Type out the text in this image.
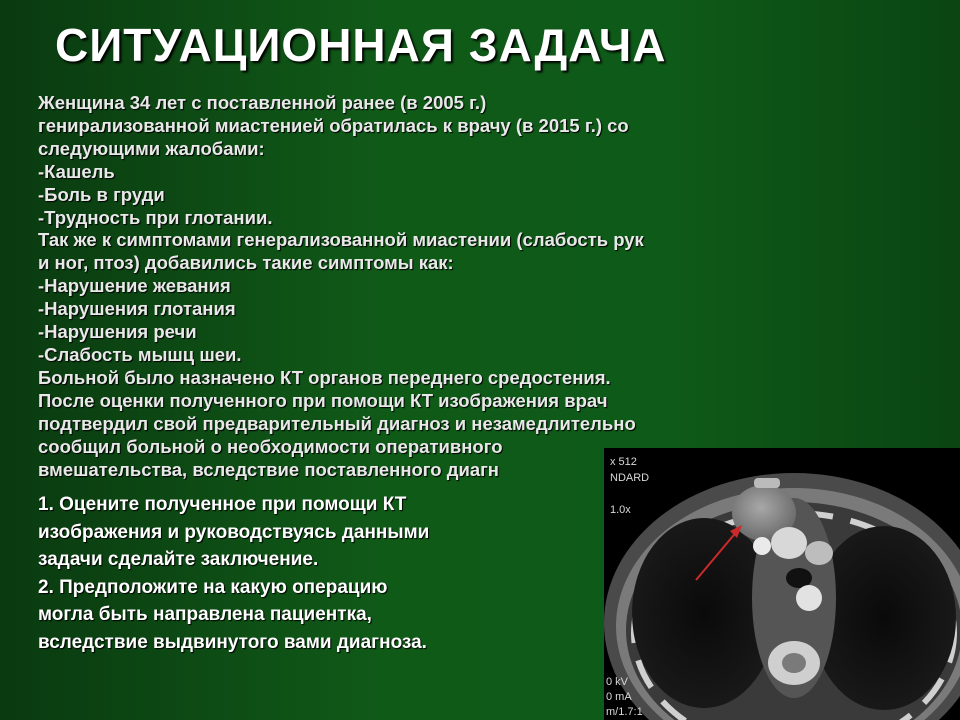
СИТУАЦИОННАЯ ЗАДАЧА
Женщина 34 лет с поставленной ранее (в 2005 г.)
генирализованной миастенией обратилась к врачу (в 2015 г.) со
следующими жалобами:
-Кашель
-Боль в груди
-Трудность при глотании.
Так же к симптомами генерализованной миастении (слабость рук
и ног, птоз) добавились такие симптомы как:
-Нарушение жевания
-Нарушения глотания
-Нарушения речи
-Слабость мышц шеи.
Больной было назначено КТ органов переднего средостения.
После оценки полученного при помощи КТ изображения врач
подтвердил свой предварительный диагноз и незамедлительно
сообщил больной о необходимости оперативного
вмешательства, вследствие поставленного диагн	x 512
NDARD
1.0x
0 kV
0 mA
m/1.7:1
1. Оцените полученное при помощи КТ
изображения и руководствуясь данными
задачи сделайте заключение.
2. Предположите на какую операцию
могла быть направлена пациентка,
вследствие выдвинутого вами диагноза.
